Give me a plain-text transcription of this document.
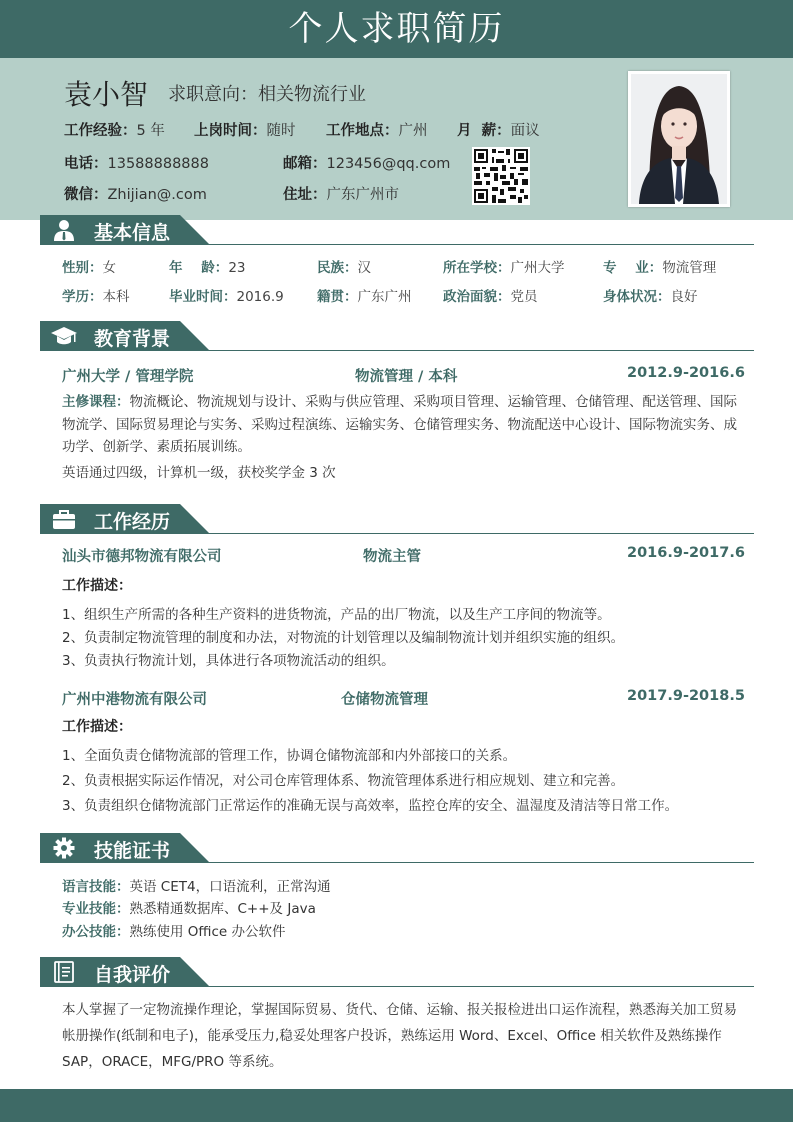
个人求职简历
袁小智 求职意向：相关物流行业
工作经验：5 年 上岗时间：随时 工作地点：广州 月  薪：面议
电话：13588888888	邮箱：123456@qq.com
微信：Zhijian@.com	住址：广东广州市
基本信息
性别：女	年    龄：23	民族：汉	所在学校：广州大学	专    业：物流管理
学历：本科	毕业时间：2016.9 籍贯：广东广州 政治面貌：党员	身体状况：良好
教育背景
广州大学 / 管理学院	物流管理 / 本科	2012.9-2016.6
主修课程：物流概论、物流规划与设计、采购与供应管理、采购项目管理、运输管理、仓储管理、配送管理、国际物流学、国际贸易理论与实务、采购过程演练、运输实务、仓储管理实务、物流配送中心设计、国际物流实务、成功学、创新学、素质拓展训练。
英语通过四级，计算机一级，获校奖学金 3 次
工作经历
汕头市德邦物流有限公司	物流主管	2016.9-2017.6
工作描述：
1、组织生产所需的各种生产资料的进货物流，产品的出厂物流，以及生产工序间的物流等。
2、负责制定物流管理的制度和办法，对物流的计划管理以及编制物流计划并组织实施的组织。
3、负责执行物流计划，具体进行各项物流活动的组织。
广州中港物流有限公司	仓储物流管理	2017.9-2018.5
工作描述：
1、全面负责仓储物流部的管理工作，协调仓储物流部和内外部接口的关系。
2、负责根据实际运作情况，对公司仓库管理体系、物流管理体系进行相应规划、建立和完善。
3、负责组织仓储物流部门正常运作的准确无误与高效率，监控仓库的安全、温湿度及清洁等日常工作。
技能证书
语言技能：英语 CET4，口语流利，正常沟通
专业技能：熟悉精通数据库、C++及 Java
办公技能：熟练使用 Office 办公软件
自我评价
本人掌握了一定物流操作理论，掌握国际贸易、货代、仓储、运输、报关报检进出口运作流程，熟悉海关加工贸易帐册操作(纸制和电子)，能承受压力,稳妥处理客户投诉，熟练运用 Word、Excel、Office 相关软件及熟练操作 SAP，ORACE，MFG/PRO 等系统。
